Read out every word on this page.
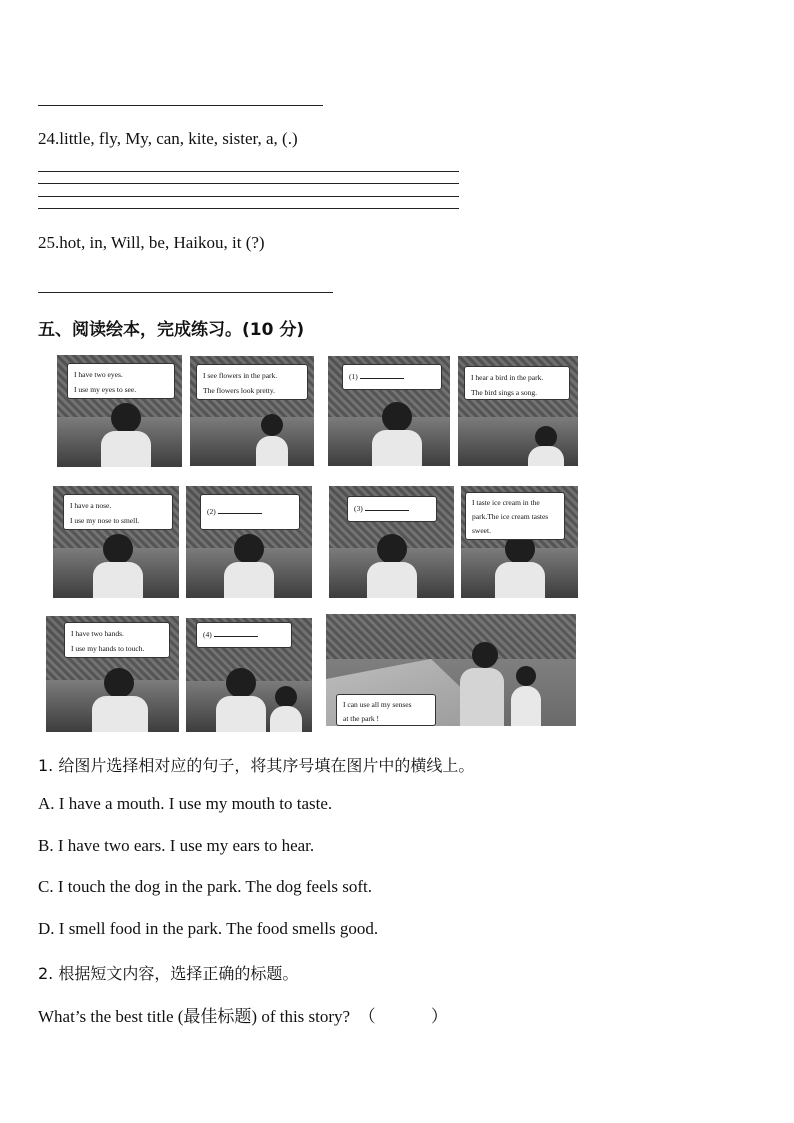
24.little, fly, My, can, kite, sister, a, (.)
25.hot, in, Will, be, Haikou, it (?)
五、阅读绘本，完成练习。(10 分)
I have two eyes.
I use my eyes to see.
I see flowers in the park.
The flowers look pretty.
(1)	I hear a bird in the park.
The bird sings a song.
I have a nose.
I use my nose to smell.
(2)	(3)
I taste ice cream in the
park.The ice cream tastes
sweet.
I have two hands.
I use my hands to touch.
(4)
I can use all my senses
at the park !
1. 给图片选择相对应的句子，将其序号填在图片中的横线上。
A. I have a mouth. I use my mouth to taste.
B. I have two ears. I use my ears to hear.
C. I touch the dog in the park. The dog feels soft.
D. I smell food in the park. The food smells good.
2. 根据短文内容，选择正确的标题。
What’s the best title (最佳标题) of this story?  （             ）
